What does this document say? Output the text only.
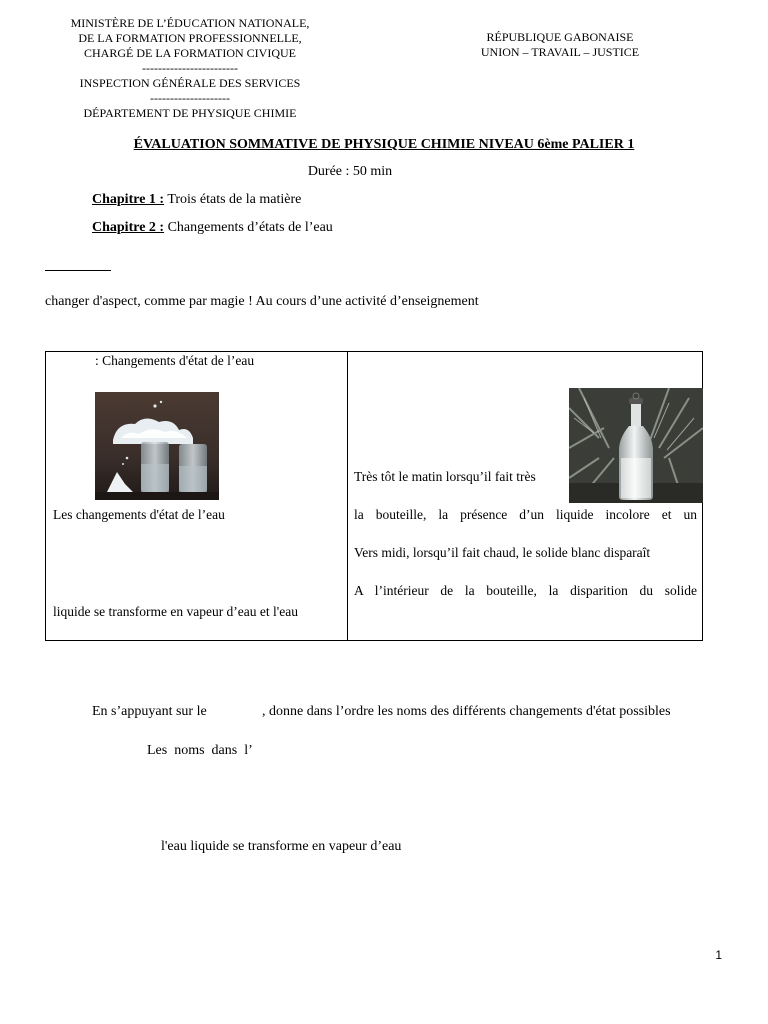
MINISTÈRE DE L’ÉDUCATION NATIONALE,
DE LA FORMATION PROFESSIONNELLE,
CHARGÉ DE LA FORMATION CIVIQUE
------------------------
INSPECTION GÉNÉRALE DES SERVICES
--------------------
DÉPARTEMENT DE PHYSIQUE CHIMIE
RÉPUBLIQUE GABONAISE
UNION – TRAVAIL – JUSTICE
ÉVALUATION SOMMATIVE DE PHYSIQUE CHIMIE NIVEAU 6ème PALIER 1
Durée : 50 min
Chapitre 1 : Trois états de la matière
Chapitre 2 : Changements d’états de l’eau
changer d'aspect, comme par magie ! Au cours d’une activité d’enseignement
: Changements d'état de l’eau
Les changements d'état de l’eau
liquide se transforme en vapeur d’eau et l'eau
Très tôt le matin lorsqu’il fait très
la bouteille, la présence d’un liquide incolore et un
Vers midi, lorsqu’il fait chaud, le solide blanc disparaît
A l’intérieur de la bouteille, la disparition du solide
En s’appuyant sur le	, donne dans l’ordre les noms des différents changements d'état possibles
Les  noms  dans  l’
l'eau liquide se transforme en vapeur d’eau
1
